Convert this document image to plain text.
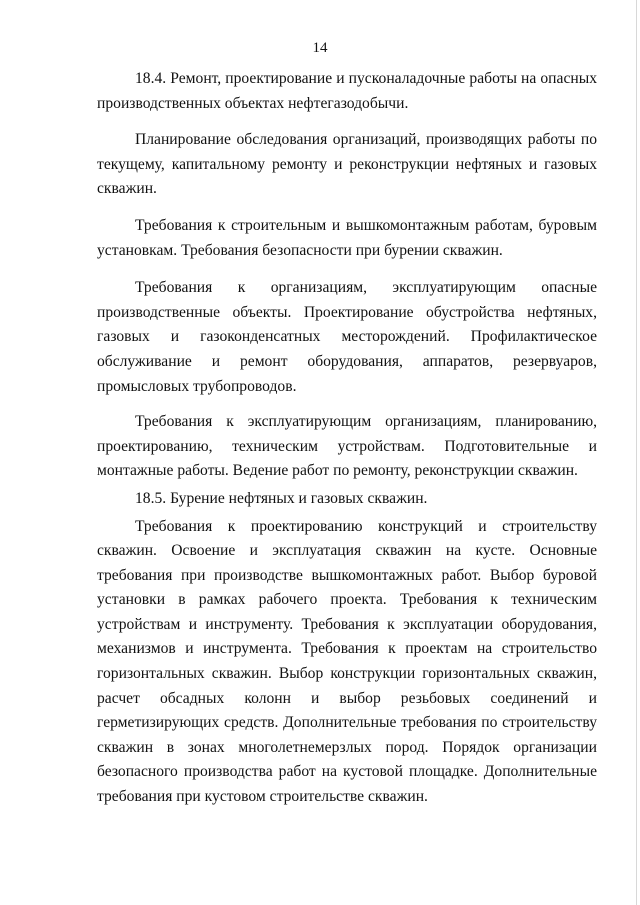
14

18.4. Ремонт, проектирование и пусконаладочные работы на опасных производственных объектах нефтегазодобычи.

Планирование обследования организаций, производящих работы по текущему, капитальному ремонту и реконструкции нефтяных и газовых скважин.

Требования к строительным и вышкомонтажным работам, буровым установкам. Требования безопасности при бурении скважин.

Требования к организациям, эксплуатирующим опасные производственные объекты. Проектирование обустройства нефтяных, газовых и газоконденсатных месторождений. Профилактическое обслуживание и ремонт оборудования, аппаратов, резервуаров, промысловых трубопроводов.

Требования к эксплуатирующим организациям, планированию, проектированию, техническим устройствам. Подготовительные и монтажные работы. Ведение работ по ремонту, реконструкции скважин.

18.5. Бурение нефтяных и газовых скважин.

Требования к проектированию конструкций и строительству скважин. Освоение и эксплуатация скважин на кусте. Основные требования при производстве вышкомонтажных работ. Выбор буровой установки в рамках рабочего проекта. Требования к техническим устройствам и инструменту. Требования к эксплуатации оборудования, механизмов и инструмента. Требования к проектам на строительство горизонтальных скважин. Выбор конструкции горизонтальных скважин, расчет обсадных колонн и выбор резьбовых соединений и герметизирующих средств. Дополнительные требования по строительству скважин в зонах многолетнемерзлых пород. Порядок организации безопасного производства работ на кустовой площадке. Дополнительные требования при кустовом строительстве скважин.
